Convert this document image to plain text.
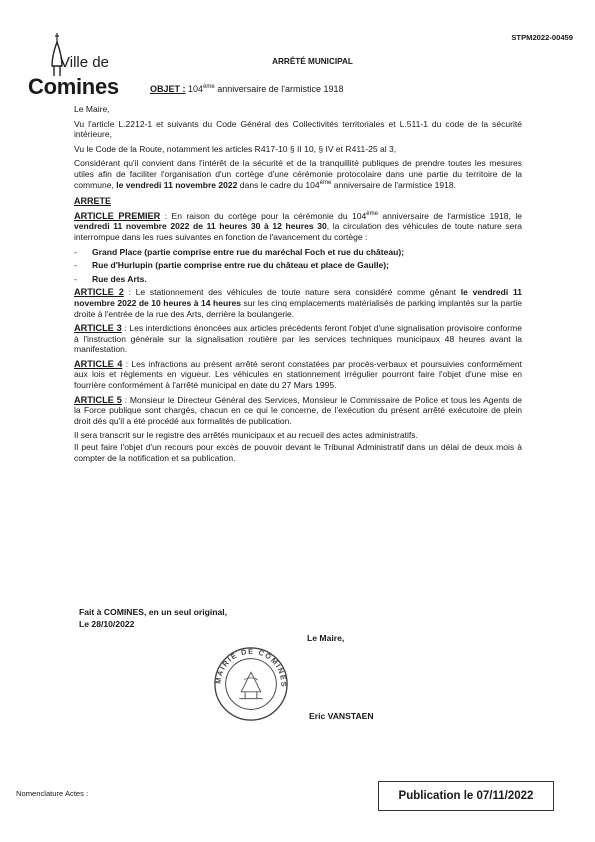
STPM2022-00459
Ville de
Comines
ARRÊTÉ MUNICIPAL
OBJET : 104ème anniversaire de l'armistice 1918

Le Maire,

Vu l'article L.2212-1 et suivants du Code Général des Collectivités territoriales et L.511-1 du code de la sécurité intérieure,

Vu le Code de la Route, notamment les articles R417-10 § II 10, § IV et R411-25 al 3,

Considérant qu'il convient dans l'intérêt de la sécurité et de la tranquillité publiques de prendre toutes les mesures utiles afin de faciliter l'organisation d'un cortège d'une cérémonie protocolaire dans une partie du territoire de la commune, le vendredi 11 novembre 2022 dans le cadre du 104ème anniversaire de l'armistice 1918.

ARRETE

ARTICLE PREMIER : En raison du cortège pour la cérémonie du 104ème anniversaire de l'armistice 1918, le vendredi 11 novembre 2022 de 11 heures 30 à 12 heures 30, la circulation des véhicules de toute nature sera interrompue dans les rues suivantes en fonction de l'avancement du cortège :

- Grand Place (partie comprise entre rue du maréchal Foch et rue du château);
- Rue d'Hurlupin (partie comprise entre rue du château et place de Gaulle);
- Rue des Arts.

ARTICLE 2 : Le stationnement des véhicules de toute nature sera considéré comme gênant le vendredi 11 novembre 2022 de 10 heures à 14 heures sur les cinq emplacements matérialisés de parking implantés sur la partie droite à l'entrée de la rue des Arts, derrière la boulangerie.

ARTICLE 3 : Les interdictions énoncées aux articles précédents feront l'objet d'une signalisation provisoire conforme à l'instruction générale sur la signalisation routière par les services techniques municipaux 48 heures avant la manifestation.

ARTICLE 4 : Les infractions au présent arrêté seront constatées par procès-verbaux et poursuivies conformément aux lois et règlements en vigueur. Les véhicules en stationnement irrégulier pourront faire l'objet d'une mise en fourrière conformément à l'arrêté municipal en date du 27 Mars 1995.

ARTICLE 5 : Monsieur le Directeur Général des Services, Monsieur le Commissaire de Police et tous les Agents de la Force publique sont chargés, chacun en ce qui le concerne, de l'exécution du présent arrêté exécutoire de plein droit dès qu'il a été procédé aux formalités de publication.

Il sera transcrit sur le registre des arrêtés municipaux et au recueil des actes administratifs.

Il peut faire l'objet d'un recours pour excès de pouvoir devant le Tribunal Administratif dans un délai de deux mois à compter de la notification et sa publication.

Fait à COMINES, en un seul original,
Le 28/10/2022
Le Maire,
MAIRIE DE COMINES
Eric VANSTAEN
Nomenclature Actes :	Publication le 07/11/2022
